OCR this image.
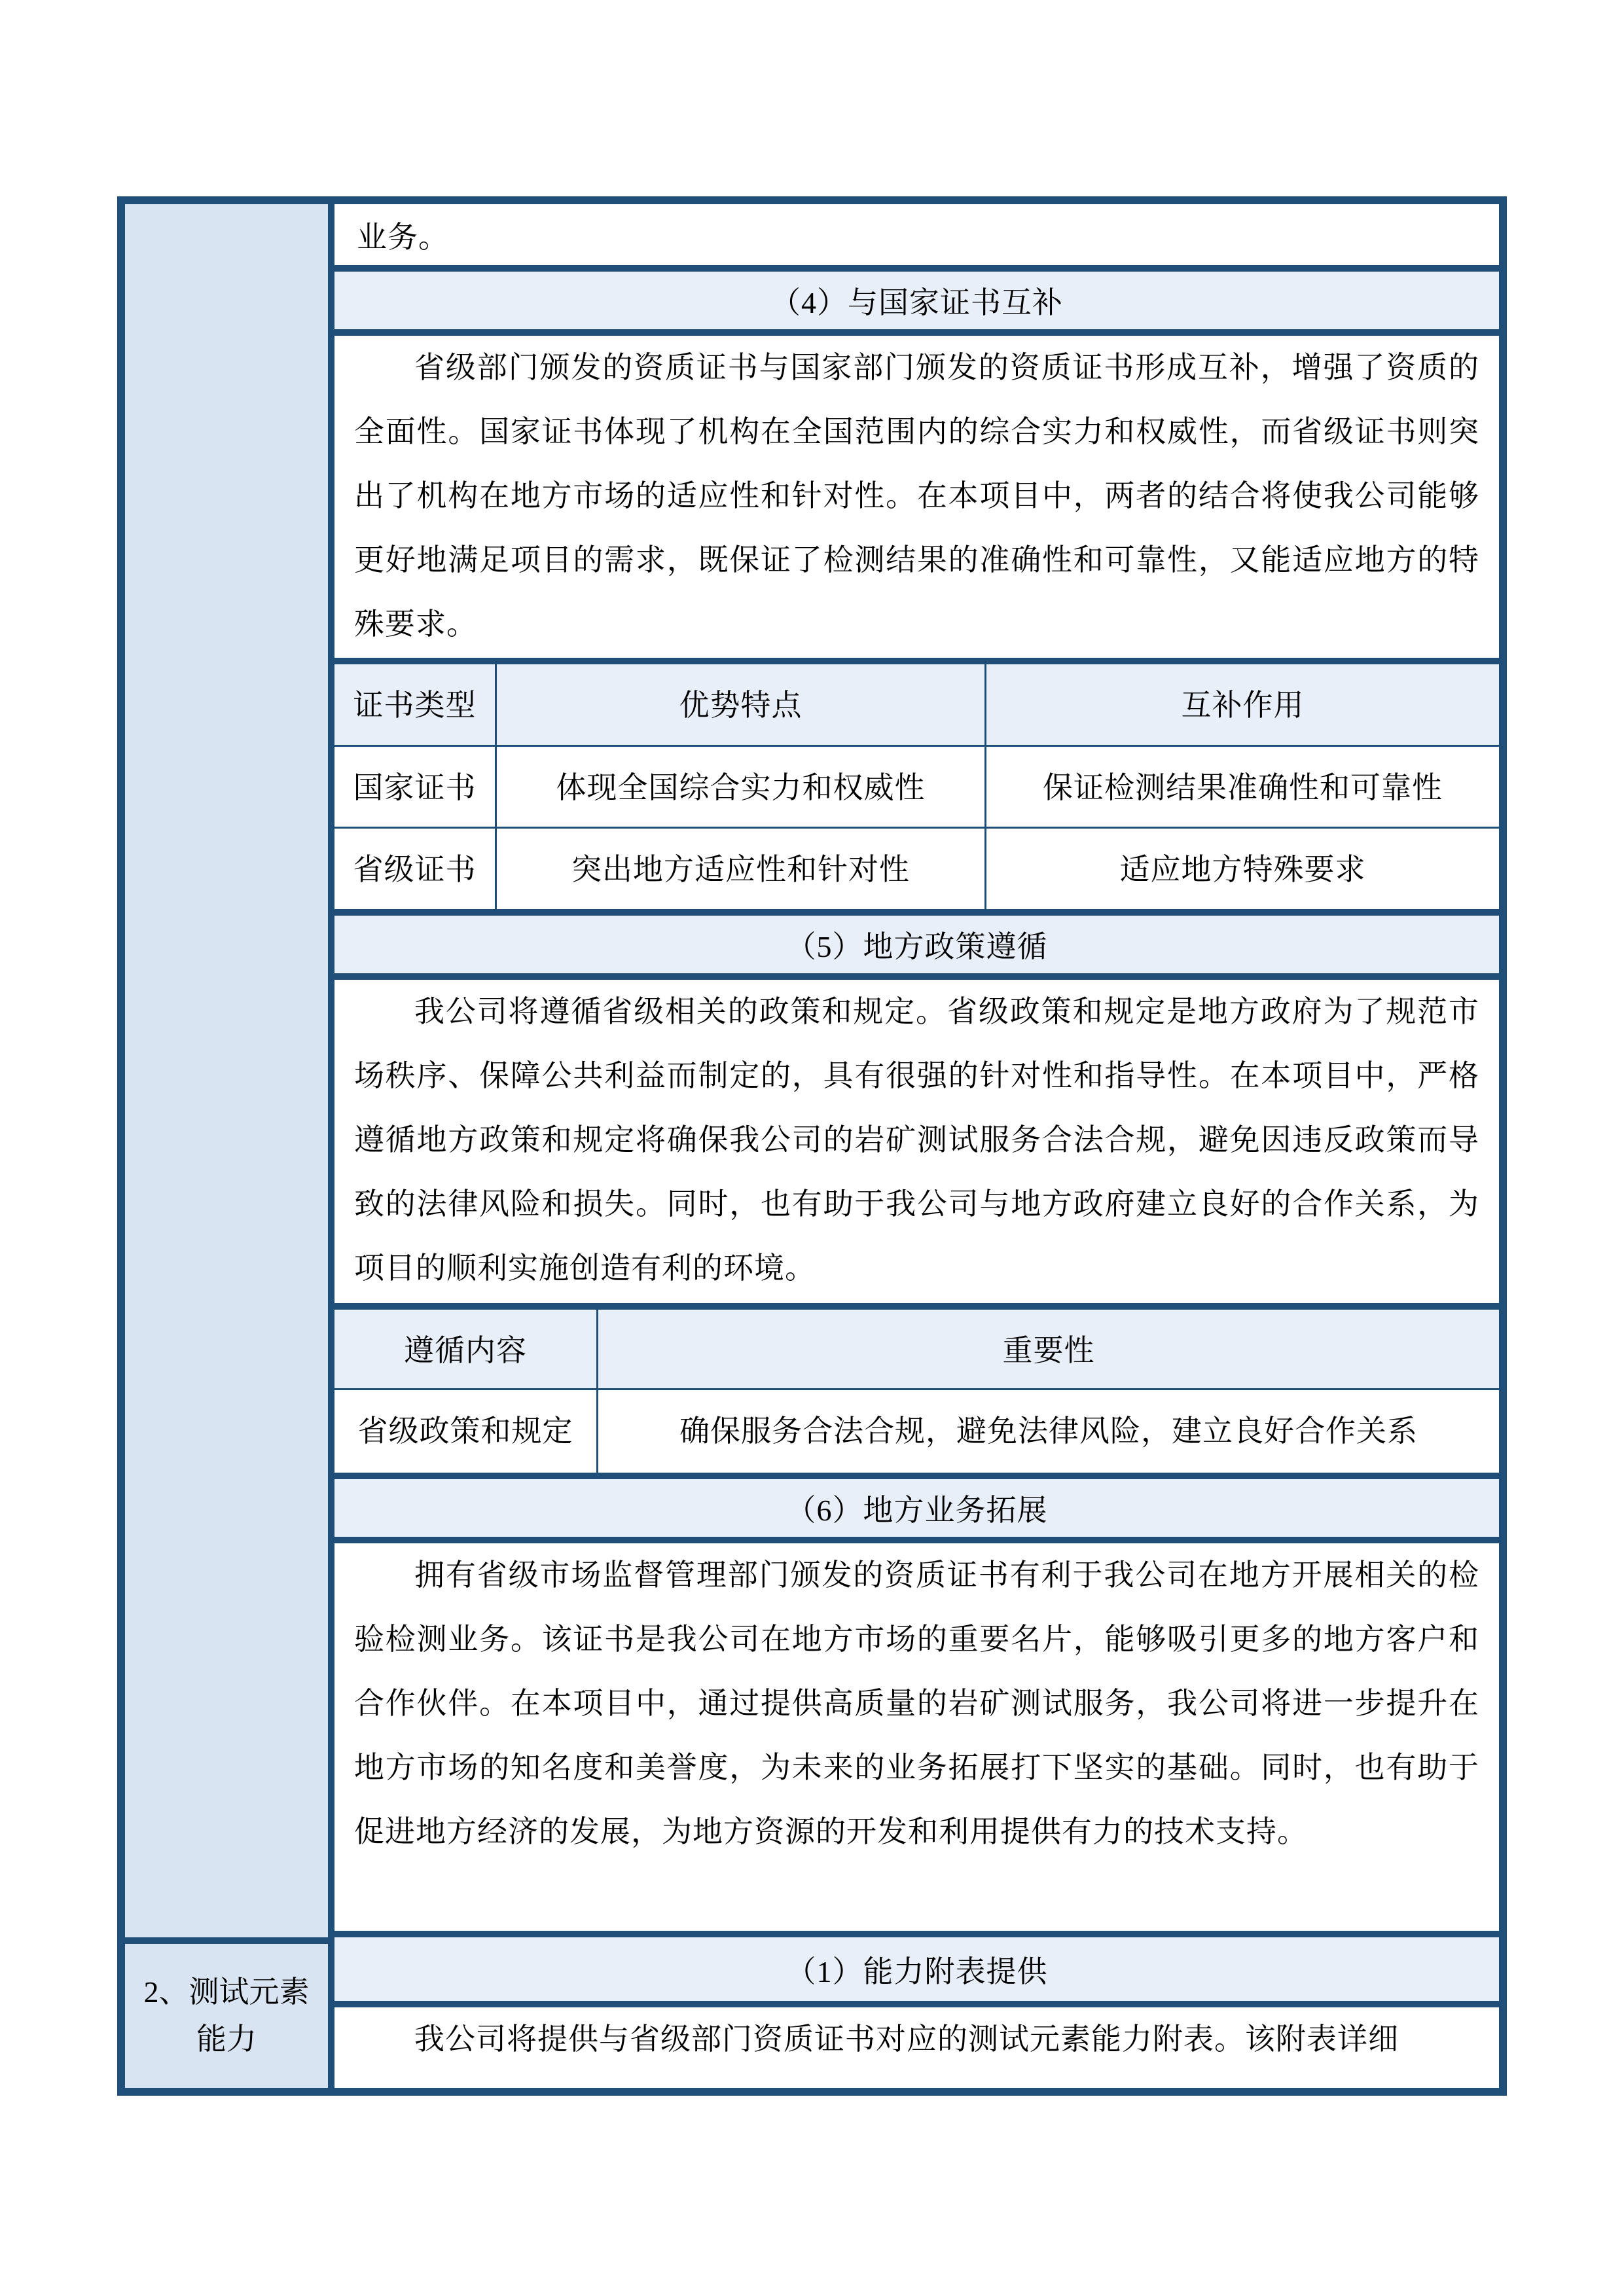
2、测试元素能力
业务。
（4）与国家证书互补
省级部门颁发的资质证书与国家部门颁发的资质证书形成互补，增强了资质的全面性。国家证书体现了机构在全国范围内的综合实力和权威性，而省级证书则突出了机构在地方市场的适应性和针对性。在本项目中，两者的结合将使我公司能够更好地满足项目的需求，既保证了检测结果的准确性和可靠性，又能适应地方的特殊要求。
证书类型	优势特点	互补作用
国家证书	体现全国综合实力和权威性	保证检测结果准确性和可靠性
省级证书	突出地方适应性和针对性	适应地方特殊要求
（5）地方政策遵循
我公司将遵循省级相关的政策和规定。省级政策和规定是地方政府为了规范市场秩序、保障公共利益而制定的，具有很强的针对性和指导性。在本项目中，严格遵循地方政策和规定将确保我公司的岩矿测试服务合法合规，避免因违反政策而导致的法律风险和损失。同时，也有助于我公司与地方政府建立良好的合作关系，为项目的顺利实施创造有利的环境。
遵循内容	重要性
省级政策和规定	确保服务合法合规，避免法律风险，建立良好合作关系
（6）地方业务拓展
拥有省级市场监督管理部门颁发的资质证书有利于我公司在地方开展相关的检验检测业务。该证书是我公司在地方市场的重要名片，能够吸引更多的地方客户和合作伙伴。在本项目中，通过提供高质量的岩矿测试服务，我公司将进一步提升在地方市场的知名度和美誉度，为未来的业务拓展打下坚实的基础。同时，也有助于促进地方经济的发展，为地方资源的开发和利用提供有力的技术支持。
（1）能力附表提供
我公司将提供与省级部门资质证书对应的测试元素能力附表。该附表详细
